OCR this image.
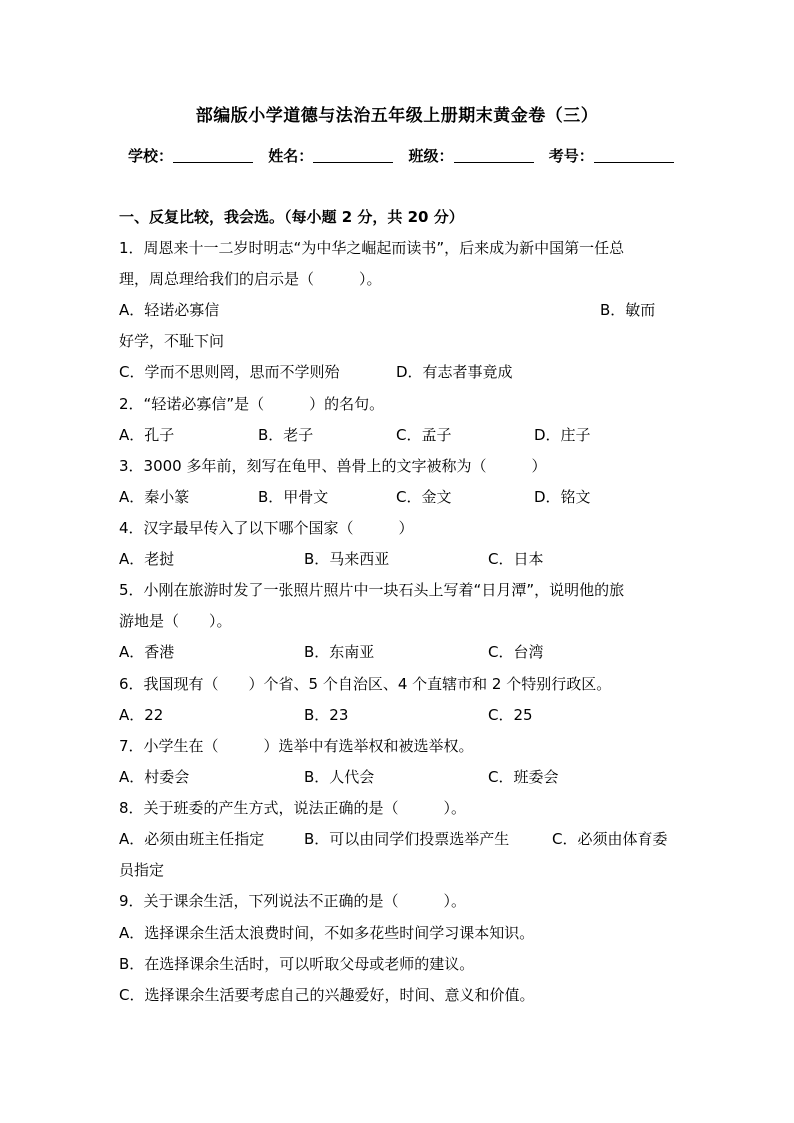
部编版小学道德与法治五年级上册期末黄金卷（三）
学校：	姓名：	班级：	考号：
一、反复比较，我会选。（每小题 2 分，共 20 分）
1．周恩来十一二岁时明志“为中华之崛起而读书”，后来成为新中国第一任总
理，周总理给我们的启示是（　　　）。
A．轻诺必寡信	B．敏而
好学，不耻下问
C．学而不思则罔，思而不学则殆	D．有志者事竟成
2．“轻诺必寡信”是（　　　）的名句。
A．孔子	B．老子	C．孟子	D．庄子
3．3000 多年前，刻写在龟甲、兽骨上的文字被称为（　　　）
A．秦小篆	B．甲骨文	C．金文	D．铭文
4．汉字最早传入了以下哪个国家（　　　）
A．老挝	B．马来西亚	C．日本
5．小刚在旅游时发了一张照片照片中一块石头上写着“日月潭”，说明他的旅
游地是（　　）。
A．香港	B．东南亚	C．台湾
6．我国现有（　　）个省、5 个自治区、4 个直辖市和 2 个特别行政区。
A．22	B．23	C．25
7．小学生在（　　　）选举中有选举权和被选举权。
A．村委会	B．人代会	C．班委会
8．关于班委的产生方式，说法正确的是（　　　）。
A．必须由班主任指定	B．可以由同学们投票选举产生	C．必须由体育委
员指定
9．关于课余生活，下列说法不正确的是（　　　）。
A．选择课余生活太浪费时间，不如多花些时间学习课本知识。
B．在选择课余生活时，可以听取父母或老师的建议。
C．选择课余生活要考虑自己的兴趣爱好，时间、意义和价值。
